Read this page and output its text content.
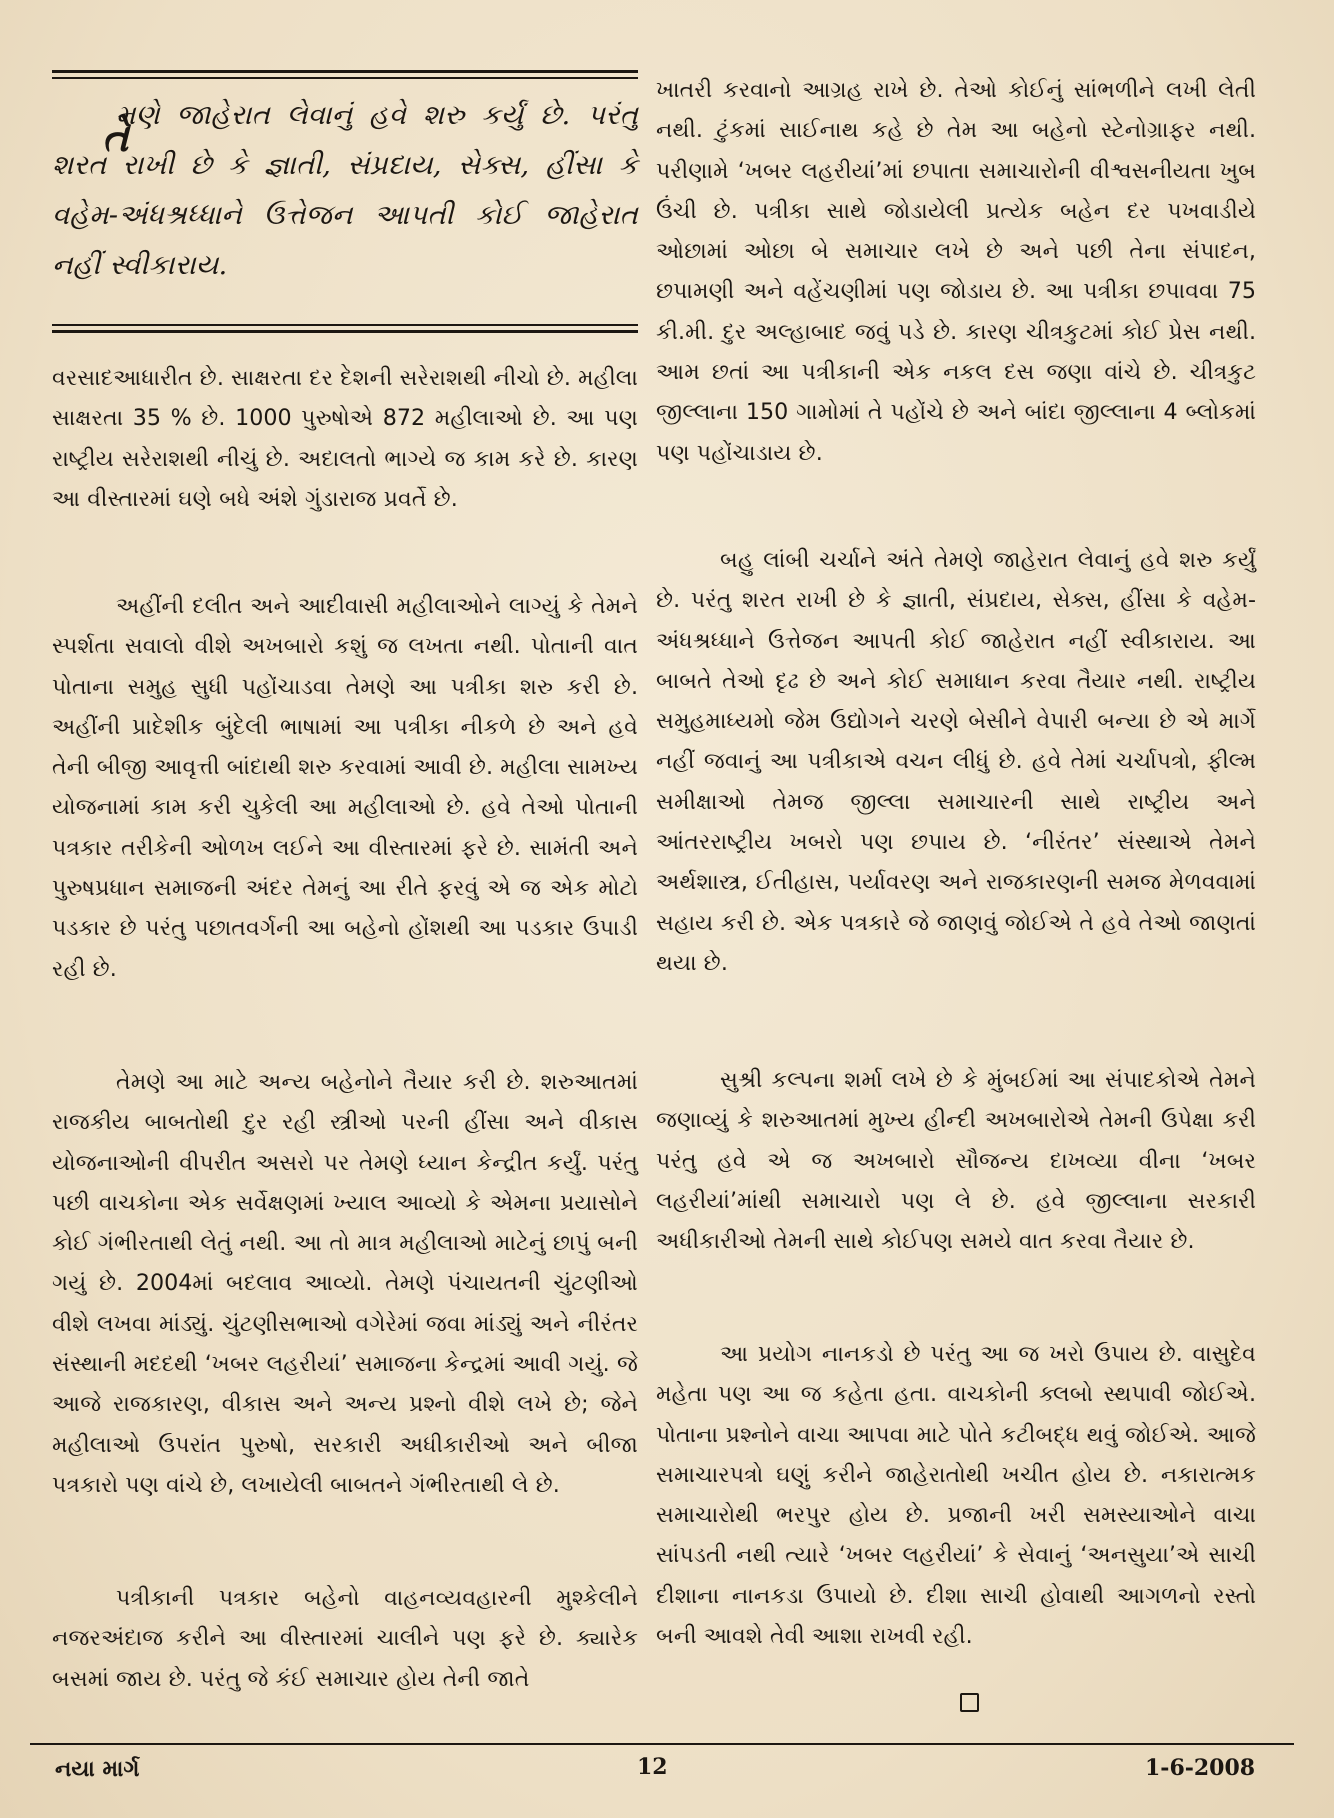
તે
મણે જાહેરાત લેવાનું હવે શરુ કર્યું છે. પરંતુ શરત રાખી છે કે જ્ઞાતી, સંપ્રદાય, સેક્સ, હીંસા કે વહેમ-અંધશ્રધ્ધાને ઉત્તેજન આપતી કોઈ જાહેરાત નહીં સ્વીકારાય.

વરસાદઆધારીત છે. સાક્ષરતા દર દેશની સરેરાશથી નીચો છે. મહીલા સાક્ષરતા 35 % છે. 1000 પુરુષોએ 872 મહીલાઓ છે. આ પણ રાષ્ટ્રીય સરેરાશથી નીચું છે. અદાલતો ભાગ્યે જ કામ કરે છે. કારણ આ વીસ્તારમાં ઘણે બધે અંશે ગુંડારાજ પ્રવર્તે છે.

અહીંની દલીત અને આદીવાસી મહીલાઓને લાગ્યું કે તેમને સ્પર્શતા સવાલો વીશે અખબારો કશું જ લખતા નથી. પોતાની વાત પોતાના સમુહ સુધી પહોંચાડવા તેમણે આ પત્રીકા શરુ કરી છે. અહીંની પ્રાદેશીક બુંદેલી ભાષામાં આ પત્રીકા નીકળે છે અને હવે તેની બીજી આવૃત્તી બાંદાથી શરુ કરવામાં આવી છે. મહીલા સામખ્ય યોજનામાં કામ કરી ચુકેલી આ મહીલાઓ છે. હવે તેઓ પોતાની પત્રકાર તરીકેની ઓળખ લઈને આ વીસ્તારમાં ફરે છે. સામંતી અને પુરુષપ્રધાન સમાજની અંદર તેમનું આ રીતે ફરવું એ જ એક મોટો પડકાર છે પરંતુ પછાતવર્ગની આ બહેનો હોંશથી આ પડકાર ઉપાડી રહી છે.

તેમણે આ માટે અન્ય બહેનોને તૈયાર કરી છે. શરુઆતમાં રાજકીય બાબતોથી દુર રહી સ્ત્રીઓ પરની હીંસા અને વીકાસ યોજનાઓની વીપરીત અસરો પર તેમણે ધ્યાન કેન્દ્રીત કર્યું. પરંતુ પછી વાચકોના એક સર્વેક્ષણમાં ખ્યાલ આવ્યો કે એમના પ્રયાસોને કોઈ ગંભીરતાથી લેતું નથી. આ તો માત્ર મહીલાઓ માટેનું છાપું બની ગયું છે. 2004માં બદલાવ આવ્યો. તેમણે પંચાયતની ચુંટણીઓ વીશે લખવા માંડ્યું. ચુંટણીસભાઓ વગેરેમાં જવા માંડ્યું અને નીરંતર સંસ્થાની મદદથી ‘ખબર લહરીયાં’ સમાજના કેન્દ્રમાં આવી ગયું. જે આજે રાજકારણ, વીકાસ અને અન્ય પ્રશ્નો વીશે લખે છે; જેને મહીલાઓ ઉપરાંત પુરુષો, સરકારી અધીકારીઓ અને બીજા પત્રકારો પણ વાંચે છે, લખાયેલી બાબતને ગંભીરતાથી લે છે.

પત્રીકાની પત્રકાર બહેનો વાહનવ્યવહારની મુશ્કેલીને નજરઅંદાજ કરીને આ વીસ્તારમાં ચાલીને પણ ફરે છે. ક્યારેક બસમાં જાય છે. પરંતુ જે કંઈ સમાચાર હોય તેની જાતે

ખાતરી કરવાનો આગ્રહ રાખે છે. તેઓ કોઈનું સાંભળીને લખી લેતી નથી. ટુંકમાં સાઈનાથ કહે છે તેમ આ બહેનો સ્ટેનોગ્રાફર નથી. પરીણામે ‘ખબર લહરીયાં’માં છપાતા સમાચારોની વીશ્વસનીયતા ખુબ ઉંચી છે. પત્રીકા સાથે જોડાયેલી પ્રત્યેક બહેન દર પખવાડીયે ઓછામાં ઓછા બે સમાચાર લખે છે અને પછી તેના સંપાદન, છપામણી અને વહેંચણીમાં પણ જોડાય છે. આ પત્રીકા છપાવવા 75 કી.મી. દુર અલ્હાબાદ જવું પડે છે. કારણ ચીત્રકુટમાં કોઈ પ્રેસ નથી. આમ છતાં આ પત્રીકાની એક નકલ દસ જણા વાંચે છે. ચીત્રકુટ જીલ્લાના 150 ગામોમાં તે પહોંચે છે અને બાંદા જીલ્લાના 4 બ્લોકમાં પણ પહોંચાડાય છે.

બહુ લાંબી ચર્ચાને અંતે તેમણે જાહેરાત લેવાનું હવે શરુ કર્યું છે. પરંતુ શરત રાખી છે કે જ્ઞાતી, સંપ્રદાય, સેક્સ, હીંસા કે વહેમ-અંધશ્રધ્ધાને ઉત્તેજન આપતી કોઈ જાહેરાત નહીં સ્વીકારાય. આ બાબતે તેઓ દૃઢ છે અને કોઈ સમાધાન કરવા તૈયાર નથી. રાષ્ટ્રીય સમુહમાધ્યમો જેમ ઉદ્યોગને ચરણે બેસીને વેપારી બન્યા છે એ માર્ગે નહીં જવાનું આ પત્રીકાએ વચન લીધું છે. હવે તેમાં ચર્ચાપત્રો, ફીલ્મ સમીક્ષાઓ તેમજ જીલ્લા સમાચારની સાથે રાષ્ટ્રીય અને આંતરરાષ્ટ્રીય ખબરો પણ છપાય છે. ‘નીરંતર’ સંસ્થાએ તેમને અર્થશાસ્ત્ર, ઈતીહાસ, પર્યાવરણ અને રાજકારણની સમજ મેળવવામાં સહાય કરી છે. એક પત્રકારે જે જાણવું જોઈએ તે હવે તેઓ જાણતાં થયા છે.

સુશ્રી કલ્પના શર્મા લખે છે કે મુંબઈમાં આ સંપાદકોએ તેમને જણાવ્યું કે શરુઆતમાં મુખ્ય હીન્દી અખબારોએ તેમની ઉપેક્ષા કરી પરંતુ હવે એ જ અખબારો સૌજન્ય દાખવ્યા વીના ‘ખબર લહરીયાં’માંથી સમાચારો પણ લે છે. હવે જીલ્લાના સરકારી અધીકારીઓ તેમની સાથે કોઈપણ સમયે વાત કરવા તૈયાર છે.

આ પ્રયોગ નાનકડો છે પરંતુ આ જ ખરો ઉપાય છે. વાસુદેવ મહેતા પણ આ જ કહેતા હતા. વાચકોની ક્લબો સ્થપાવી જોઈએ. પોતાના પ્રશ્નોને વાચા આપવા માટે પોતે કટીબદ્ધ થવું જોઈએ. આજે સમાચારપત્રો ઘણું કરીને જાહેરાતોથી ખચીત હોય છે. નકારાત્મક સમાચારોથી ભરપુર હોય છે. પ્રજાની ખરી સમસ્યાઓને વાચા સાંપડતી નથી ત્યારે ‘ખબર લહરીયાં’ કે સેવાનું ‘અનસુયા’એ સાચી દીશાના નાનકડા ઉપાયો છે. દીશા સાચી હોવાથી આગળનો રસ્તો બની આવશે તેવી આશા રાખવી રહી.

નયા માર્ગ	12	1-6-2008
